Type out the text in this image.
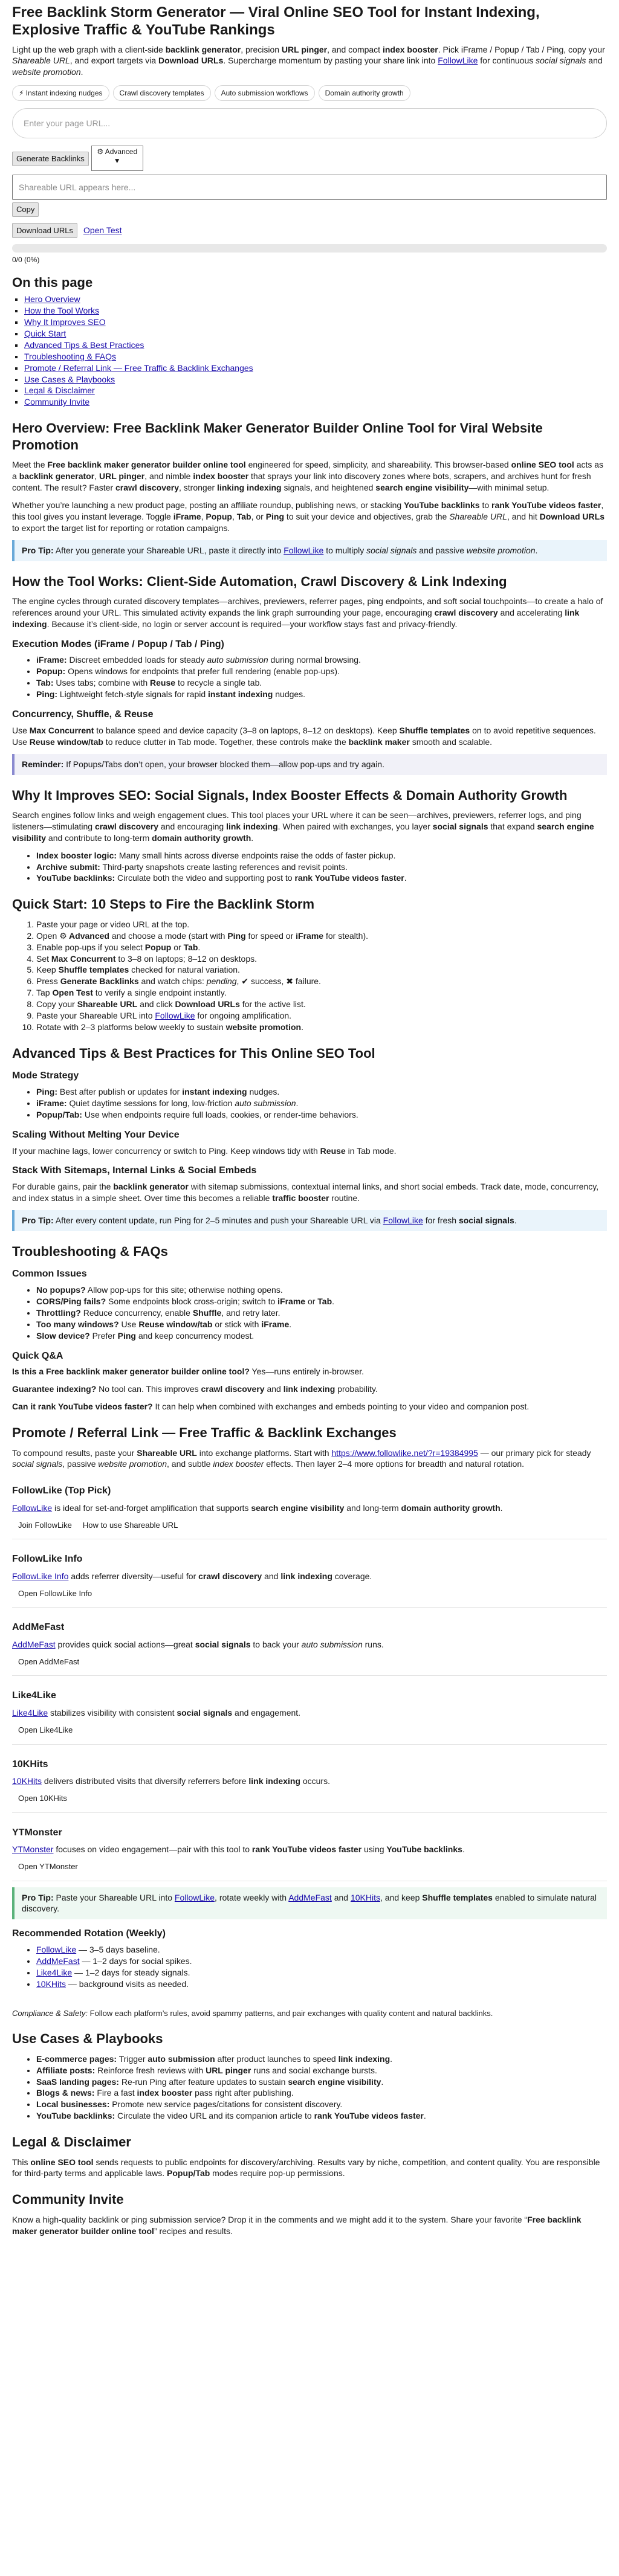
Free Backlink Storm Generator — Viral Online SEO Tool for Instant Indexing, Explosive Traffic & YouTube Rankings

Light up the web graph with a client-side backlink generator, precision URL pinger, and compact index booster. Pick iFrame / Popup / Tab / Ping, copy your Shareable URL, and export targets via Download URLs. Supercharge momentum by pasting your share link into FollowLike for continuous social signals and website promotion.

⚡ Instant indexing nudges	Crawl discovery templates	Auto submission workflows	Domain authority growth
Enter your page URL...
Generate Backlinks
⚙ Advanced
▼
Shareable URL appears here...
Copy
Download URLs	Open Test
0/0 (0%)
On this page
▪ Hero Overview
▪ How the Tool Works
▪ Why It Improves SEO
▪ Quick Start
▪ Advanced Tips & Best Practices
▪ Troubleshooting & FAQs
▪ Promote / Referral Link — Free Traffic & Backlink Exchanges
▪ Use Cases & Playbooks
▪ Legal & Disclaimer
▪ Community Invite
Hero Overview: Free Backlink Maker Generator Builder Online Tool for Viral Website Promotion

Meet the Free backlink maker generator builder online tool engineered for speed, simplicity, and shareability. This browser-based online SEO tool acts as a backlink generator, URL pinger, and nimble index booster that sprays your link into discovery zones where bots, scrapers, and archives hunt for fresh content. The result? Faster crawl discovery, stronger linking indexing signals, and heightened search engine visibility—with minimal setup.

Whether you’re launching a new product page, posting an affiliate roundup, publishing news, or stacking YouTube backlinks to rank YouTube videos faster, this tool gives you instant leverage. Toggle iFrame, Popup, Tab, or Ping to suit your device and objectives, grab the Shareable URL, and hit Download URLs to export the target list for reporting or rotation campaigns.

Pro Tip: After you generate your Shareable URL, paste it directly into FollowLike to multiply social signals and passive website promotion.
How the Tool Works: Client-Side Automation, Crawl Discovery & Link Indexing

The engine cycles through curated discovery templates—archives, previewers, referrer pages, ping endpoints, and soft social touchpoints—to create a halo of references around your URL. This simulated activity expands the link graph surrounding your page, encouraging crawl discovery and accelerating link indexing. Because it’s client-side, no login or server account is required—your workflow stays fast and privacy-friendly.

Execution Modes (iFrame / Popup / Tab / Ping)
• iFrame: Discreet embedded loads for steady auto submission during normal browsing.
• Popup: Opens windows for endpoints that prefer full rendering (enable pop-ups).
• Tab: Uses tabs; combine with Reuse to recycle a single tab.
• Ping: Lightweight fetch-style signals for rapid instant indexing nudges.
Concurrency, Shuffle, & Reuse

Use Max Concurrent to balance speed and device capacity (3–8 on laptops, 8–12 on desktops). Keep Shuffle templates on to avoid repetitive sequences. Use Reuse window/tab to reduce clutter in Tab mode. Together, these controls make the backlink maker smooth and scalable.

Reminder: If Popups/Tabs don’t open, your browser blocked them—allow pop-ups and try again.
Why It Improves SEO: Social Signals, Index Booster Effects & Domain Authority Growth

Search engines follow links and weigh engagement clues. This tool places your URL where it can be seen—archives, previewers, referrer logs, and ping listeners—stimulating crawl discovery and encouraging link indexing. When paired with exchanges, you layer social signals that expand search engine visibility and contribute to long-term domain authority growth.

• Index booster logic: Many small hints across diverse endpoints raise the odds of faster pickup.
• Archive submit: Third-party snapshots create lasting references and revisit points.
• YouTube backlinks: Circulate both the video and supporting post to rank YouTube videos faster.
Quick Start: 10 Steps to Fire the Backlink Storm
1. Paste your page or video URL at the top.
2. Open ⚙ Advanced and choose a mode (start with Ping for speed or iFrame for stealth).
3. Enable pop-ups if you select Popup or Tab.
4. Set Max Concurrent to 3–8 on laptops; 8–12 on desktops.
5. Keep Shuffle templates checked for natural variation.
6. Press Generate Backlinks and watch chips: pending, ✔ success, ✖ failure.
7. Tap Open Test to verify a single endpoint instantly.
8. Copy your Shareable URL and click Download URLs for the active list.
9. Paste your Shareable URL into FollowLike for ongoing amplification.
10. Rotate with 2–3 platforms below weekly to sustain website promotion.
Advanced Tips & Best Practices for This Online SEO Tool
Mode Strategy
• Ping: Best after publish or updates for instant indexing nudges.
• iFrame: Quiet daytime sessions for long, low-friction auto submission.
• Popup/Tab: Use when endpoints require full loads, cookies, or render-time behaviors.
Scaling Without Melting Your Device

If your machine lags, lower concurrency or switch to Ping. Keep windows tidy with Reuse in Tab mode.

Stack With Sitemaps, Internal Links & Social Embeds

For durable gains, pair the backlink generator with sitemap submissions, contextual internal links, and short social embeds. Track date, mode, concurrency, and index status in a simple sheet. Over time this becomes a reliable traffic booster routine.

Pro Tip: After every content update, run Ping for 2–5 minutes and push your Shareable URL via FollowLike for fresh social signals.
Troubleshooting & FAQs
Common Issues
• No popups? Allow pop-ups for this site; otherwise nothing opens.
• CORS/Ping fails? Some endpoints block cross-origin; switch to iFrame or Tab.
• Throttling? Reduce concurrency, enable Shuffle, and retry later.
• Too many windows? Use Reuse window/tab or stick with iFrame.
• Slow device? Prefer Ping and keep concurrency modest.
Quick Q&A

Is this a Free backlink maker generator builder online tool? Yes—runs entirely in-browser.

Guarantee indexing? No tool can. This improves crawl discovery and link indexing probability.

Can it rank YouTube videos faster? It can help when combined with exchanges and embeds pointing to your video and companion post.

Promote / Referral Link — Free Traffic & Backlink Exchanges

To compound results, paste your Shareable URL into exchange platforms. Start with https://www.followlike.net/?r=19384995 — our primary pick for steady social signals, passive website promotion, and subtle index booster effects. Then layer 2–4 more options for breadth and natural rotation.

FollowLike (Top Pick)

FollowLike is ideal for set-and-forget amplification that supports search engine visibility and long-term domain authority growth.

Join FollowLike How to use Shareable URL
FollowLike Info

FollowLike Info adds referrer diversity—useful for crawl discovery and link indexing coverage.

Open FollowLike Info
AddMeFast

AddMeFast provides quick social actions—great social signals to back your auto submission runs.

Open AddMeFast
Like4Like

Like4Like stabilizes visibility with consistent social signals and engagement.

Open Like4Like
10KHits

10KHits delivers distributed visits that diversify referrers before link indexing occurs.

Open 10KHits
YTMonster

YTMonster focuses on video engagement—pair with this tool to rank YouTube videos faster using YouTube backlinks.

Open YTMonster
Pro Tip: Paste your Shareable URL into FollowLike, rotate weekly with AddMeFast and 10KHits, and keep Shuffle templates enabled to simulate natural discovery.
Recommended Rotation (Weekly)
• FollowLike — 3–5 days baseline.
• AddMeFast — 1–2 days for social spikes.
• Like4Like — 1–2 days for steady signals.
• 10KHits — background visits as needed.

Compliance & Safety: Follow each platform’s rules, avoid spammy patterns, and pair exchanges with quality content and natural backlinks.

Use Cases & Playbooks
• E-commerce pages: Trigger auto submission after product launches to speed link indexing.
• Affiliate posts: Reinforce fresh reviews with URL pinger runs and social exchange bursts.
• SaaS landing pages: Re-run Ping after feature updates to sustain search engine visibility.
• Blogs & news: Fire a fast index booster pass right after publishing.
• Local businesses: Promote new service pages/citations for consistent discovery.
• YouTube backlinks: Circulate the video URL and its companion article to rank YouTube videos faster.
Legal & Disclaimer

This online SEO tool sends requests to public endpoints for discovery/archiving. Results vary by niche, competition, and content quality. You are responsible for third-party terms and applicable laws. Popup/Tab modes require pop-up permissions.

Community Invite

Know a high-quality backlink or ping submission service? Drop it in the comments and we might add it to the system. Share your favorite “Free backlink maker generator builder online tool” recipes and results.
